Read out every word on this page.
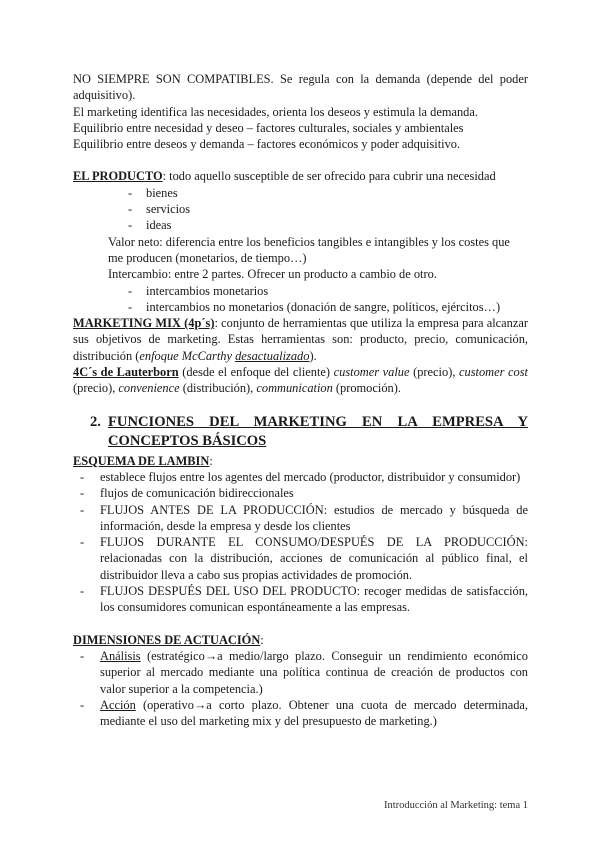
NO SIEMPRE SON COMPATIBLES. Se regula con la demanda (depende del poder adquisitivo).

El marketing identifica las necesidades, orienta los deseos y estimula la demanda.

Equilibrio entre necesidad y deseo – factores culturales, sociales y ambientales

Equilibrio entre deseos y demanda – factores económicos y poder adquisitivo.

EL PRODUCTO: todo aquello susceptible de ser ofrecido para cubrir una necesidad

- bienes
- servicios
- ideas

Valor neto: diferencia entre los beneficios tangibles e intangibles y los costes que me producen (monetarios, de tiempo…)

Intercambio: entre 2 partes. Ofrecer un producto a cambio de otro.

- intercambios monetarios
- intercambios no monetarios (donación de sangre, políticos, ejércitos…)

MARKETING MIX (4p´s): conjunto de herramientas que utiliza la empresa para alcanzar sus objetivos de marketing. Estas herramientas son: producto, precio, comunicación, distribución (enfoque McCarthy desactualizado).

4C´s de Lauterborn (desde el enfoque del cliente) customer value (precio), customer cost (precio), convenience (distribución), communication (promoción).

2. FUNCIONES DEL MARKETING EN LA EMPRESA Y CONCEPTOS BÁSICOS

ESQUEMA DE LAMBIN:

- establece flujos entre los agentes del mercado (productor, distribuidor y consumidor)
- flujos de comunicación bidireccionales
- FLUJOS ANTES DE LA PRODUCCIÓN: estudios de mercado y búsqueda de información, desde la empresa y desde los clientes
- FLUJOS DURANTE EL CONSUMO/DESPUÉS DE LA PRODUCCIÓN: relacionadas con la distribución, acciones de comunicación al público final, el distribuidor lleva a cabo sus propias actividades de promoción.
- FLUJOS DESPUÉS DEL USO DEL PRODUCTO: recoger medidas de satisfacción, los consumidores comunican espontáneamente a las empresas.

DIMENSIONES DE ACTUACIÓN:

- Análisis (estratégico→a medio/largo plazo. Conseguir un rendimiento económico superior al mercado mediante una política continua de creación de productos con valor superior a la competencia.)
- Acción (operativo→a corto plazo. Obtener una cuota de mercado determinada, mediante el uso del marketing mix y del presupuesto de marketing.)
Introducción al Marketing: tema 1
